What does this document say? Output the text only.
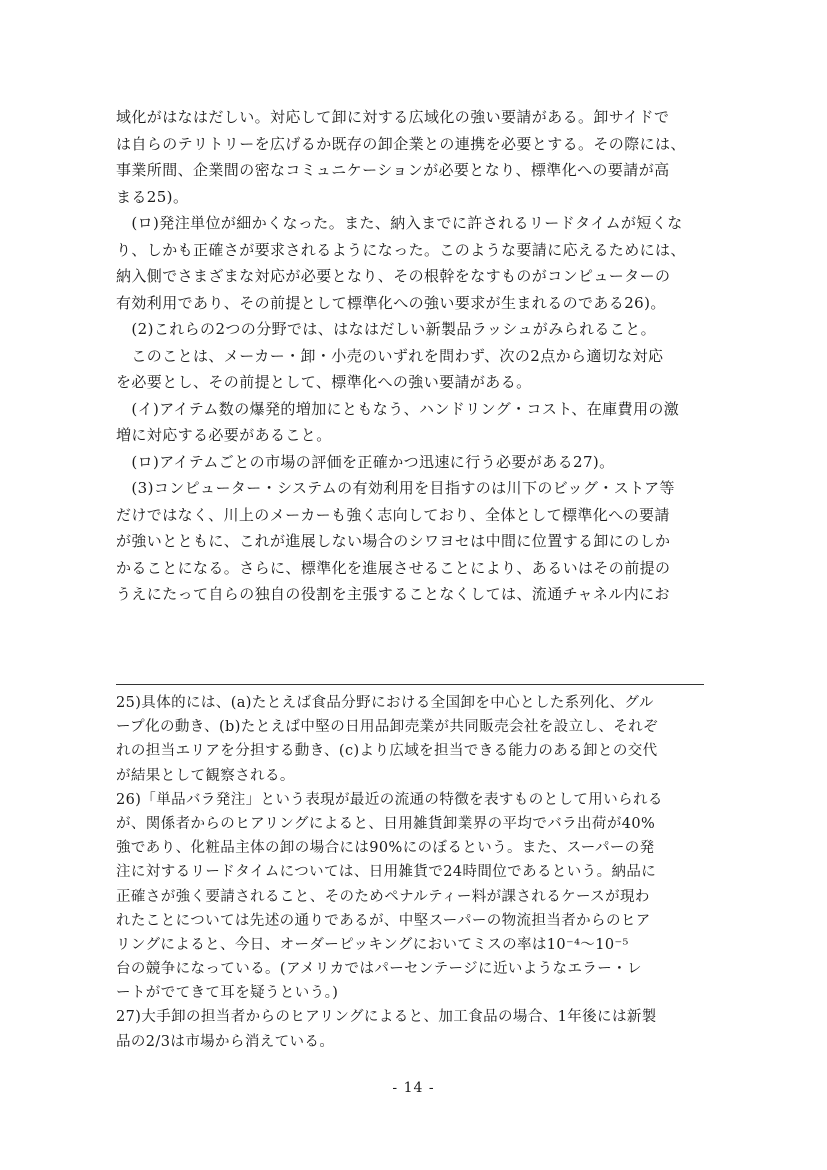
域化がはなはだしい。対応して卸に対する広域化の強い要請がある。卸サイドで
は自らのテリトリーを広げるか既存の卸企業との連携を必要とする。その際には、
事業所間、企業間の密なコミュニケーションが必要となり、標準化への要請が高
まる25)。
　(ロ)発注単位が細かくなった。また、納入までに許されるリードタイムが短くな
り、しかも正確さが要求されるようになった。このような要請に応えるためには、
納入側でさまざまな対応が必要となり、その根幹をなすものがコンピューターの
有効利用であり、その前提として標準化への強い要求が生まれるのである26)。
　(2)これらの2つの分野では、はなはだしい新製品ラッシュがみられること。
　このことは、メーカー・卸・小売のいずれを問わず、次の2点から適切な対応
を必要とし、その前提として、標準化への強い要請がある。
　(イ)アイテム数の爆発的増加にともなう、ハンドリング・コスト、在庫費用の激
増に対応する必要があること。
　(ロ)アイテムごとの市場の評価を正確かつ迅速に行う必要がある27)。
　(3)コンピューター・システムの有効利用を目指すのは川下のビッグ・ストア等
だけではなく、川上のメーカーも強く志向しており、全体として標準化への要請
が強いとともに、これが進展しない場合のシワヨセは中間に位置する卸にのしか
かることになる。さらに、標準化を進展させることにより、あるいはその前提の
うえにたって自らの独自の役割を主張することなくしては、流通チャネル内にお
25)具体的には、(a)たとえば食品分野における全国卸を中心とした系列化、グル
ープ化の動き、(b)たとえば中堅の日用品卸売業が共同販売会社を設立し、それぞ
れの担当エリアを分担する動き、(c)より広域を担当できる能力のある卸との交代
が結果として観察される。
26)「単品バラ発注」という表現が最近の流通の特徴を表すものとして用いられる
が、関係者からのヒアリングによると、日用雑貨卸業界の平均でバラ出荷が40%
強であり、化粧品主体の卸の場合には90%にのぼるという。また、スーパーの発
注に対するリードタイムについては、日用雑貨で24時間位であるという。納品に
正確さが強く要請されること、そのためペナルティー料が課されるケースが現わ
れたことについては先述の通りであるが、中堅スーパーの物流担当者からのヒア
リングによると、今日、オーダーピッキングにおいてミスの率は10⁻⁴〜10⁻⁵
台の競争になっている。(アメリカではパーセンテージに近いようなエラー・レ
ートがでてきて耳を疑うという。)
27)大手卸の担当者からのヒアリングによると、加工食品の場合、1年後には新製
品の2/3は市場から消えている。
- 14 -
